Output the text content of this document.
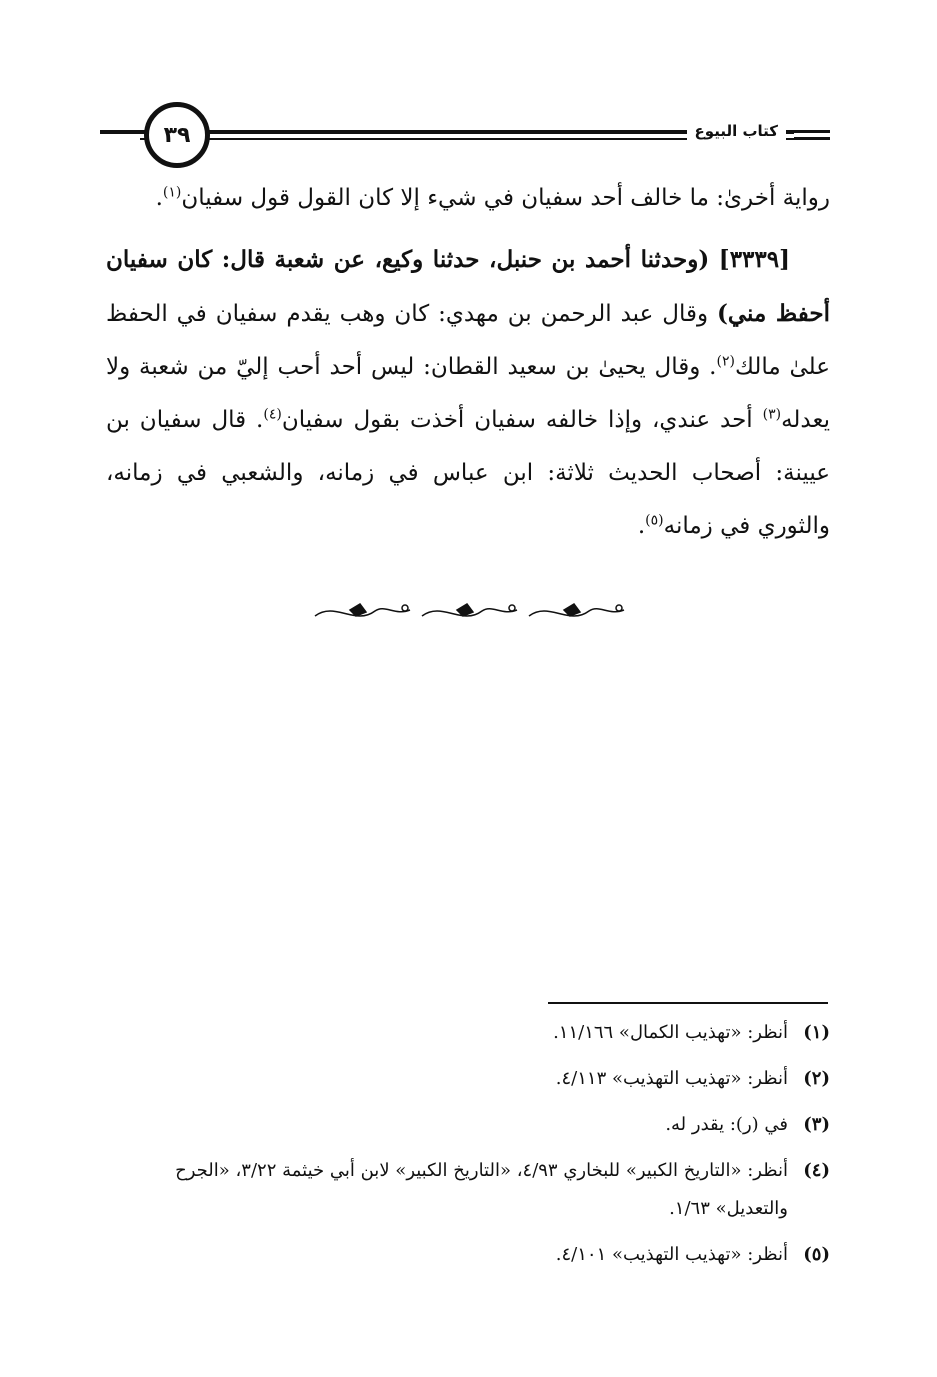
٣٩	كتاب البيوع

رواية أخرىٰ: ما خالف أحد سفيان في شيء إلا كان القول قول سفيان$^{(١)}$.

[٣٣٣٩] (وحدثنا أحمد بن حنبل، حدثنا وكيع، عن شعبة قال: كان سفيان أحفظ مني) وقال عبد الرحمن بن مهدي: كان وهب يقدم سفيان في الحفظ علىٰ مالك$^{(٢)}$. وقال يحيىٰ بن سعيد القطان: ليس أحد أحب إليّ من شعبة ولا يعدله$^{(٣)}$ أحد عندي، وإذا خالفه سفيان أخذت بقول سفيان$^{(٤)}$. قال سفيان بن عيينة: أصحاب الحديث ثلاثة: ابن عباس في زمانه، والشعبي في زمانه، والثوري في زمانه$^{(٥)}$.

(١)
أنظر: «تهذيب الكمال» ١١/١٦٦.
(٢)
أنظر: «تهذيب التهذيب» ٤/١١٣.
(٣)
في (ر): يقدر له.
(٤)
أنظر: «التاريخ الكبير» للبخاري ٤/٩٣، «التاريخ الكبير» لابن أبي خيثمة ٣/٢٢، «الجرح والتعديل» ١/٦٣.
(٥)
أنظر: «تهذيب التهذيب» ٤/١٠١.
